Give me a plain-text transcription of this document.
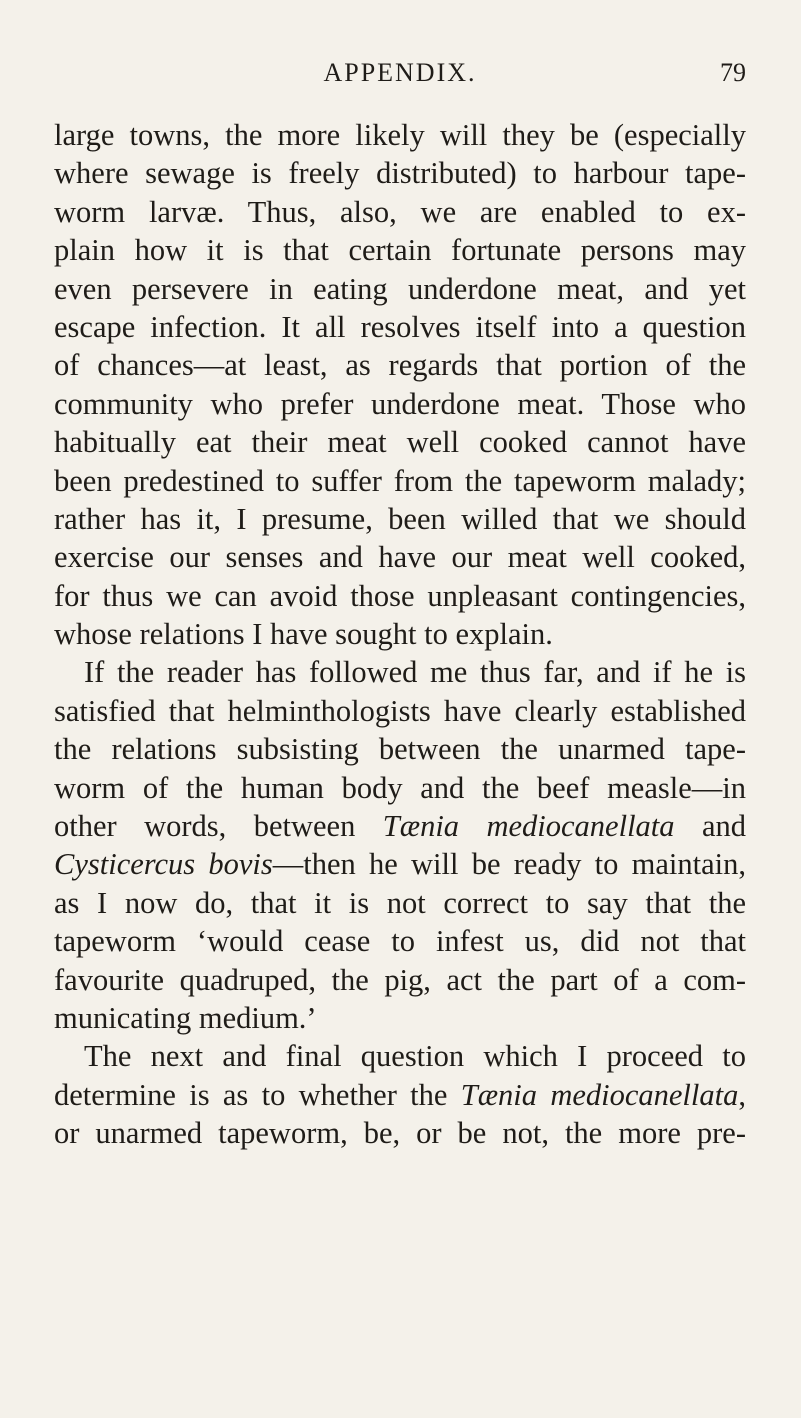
APPENDIX.	79
large towns, the more likely will they be (especially
where sewage is freely distributed) to harbour tape-
worm larvæ. Thus, also, we are enabled to ex-
plain how it is that certain fortunate persons may
even persevere in eating underdone meat, and yet
escape infection. It all resolves itself into a question
of chances—at least, as regards that portion of the
community who prefer underdone meat. Those who
habitually eat their meat well cooked cannot have
been predestined to suffer from the tapeworm malady;
rather has it, I presume, been willed that we should
exercise our senses and have our meat well cooked,
for thus we can avoid those unpleasant contingencies,
whose relations I have sought to explain.
If the reader has followed me thus far, and if he is
satisfied that helminthologists have clearly established
the relations subsisting between the unarmed tape-
worm of the human body and the beef measle—in
other words, between Tænia mediocanellata and
Cysticercus bovis—then he will be ready to maintain,
as I now do, that it is not correct to say that the
tapeworm ‘would cease to infest us, did not that
favourite quadruped, the pig, act the part of a com-
municating medium.’
The next and final question which I proceed to
determine is as to whether the Tænia mediocanellata,
or unarmed tapeworm, be, or be not, the more pre-
